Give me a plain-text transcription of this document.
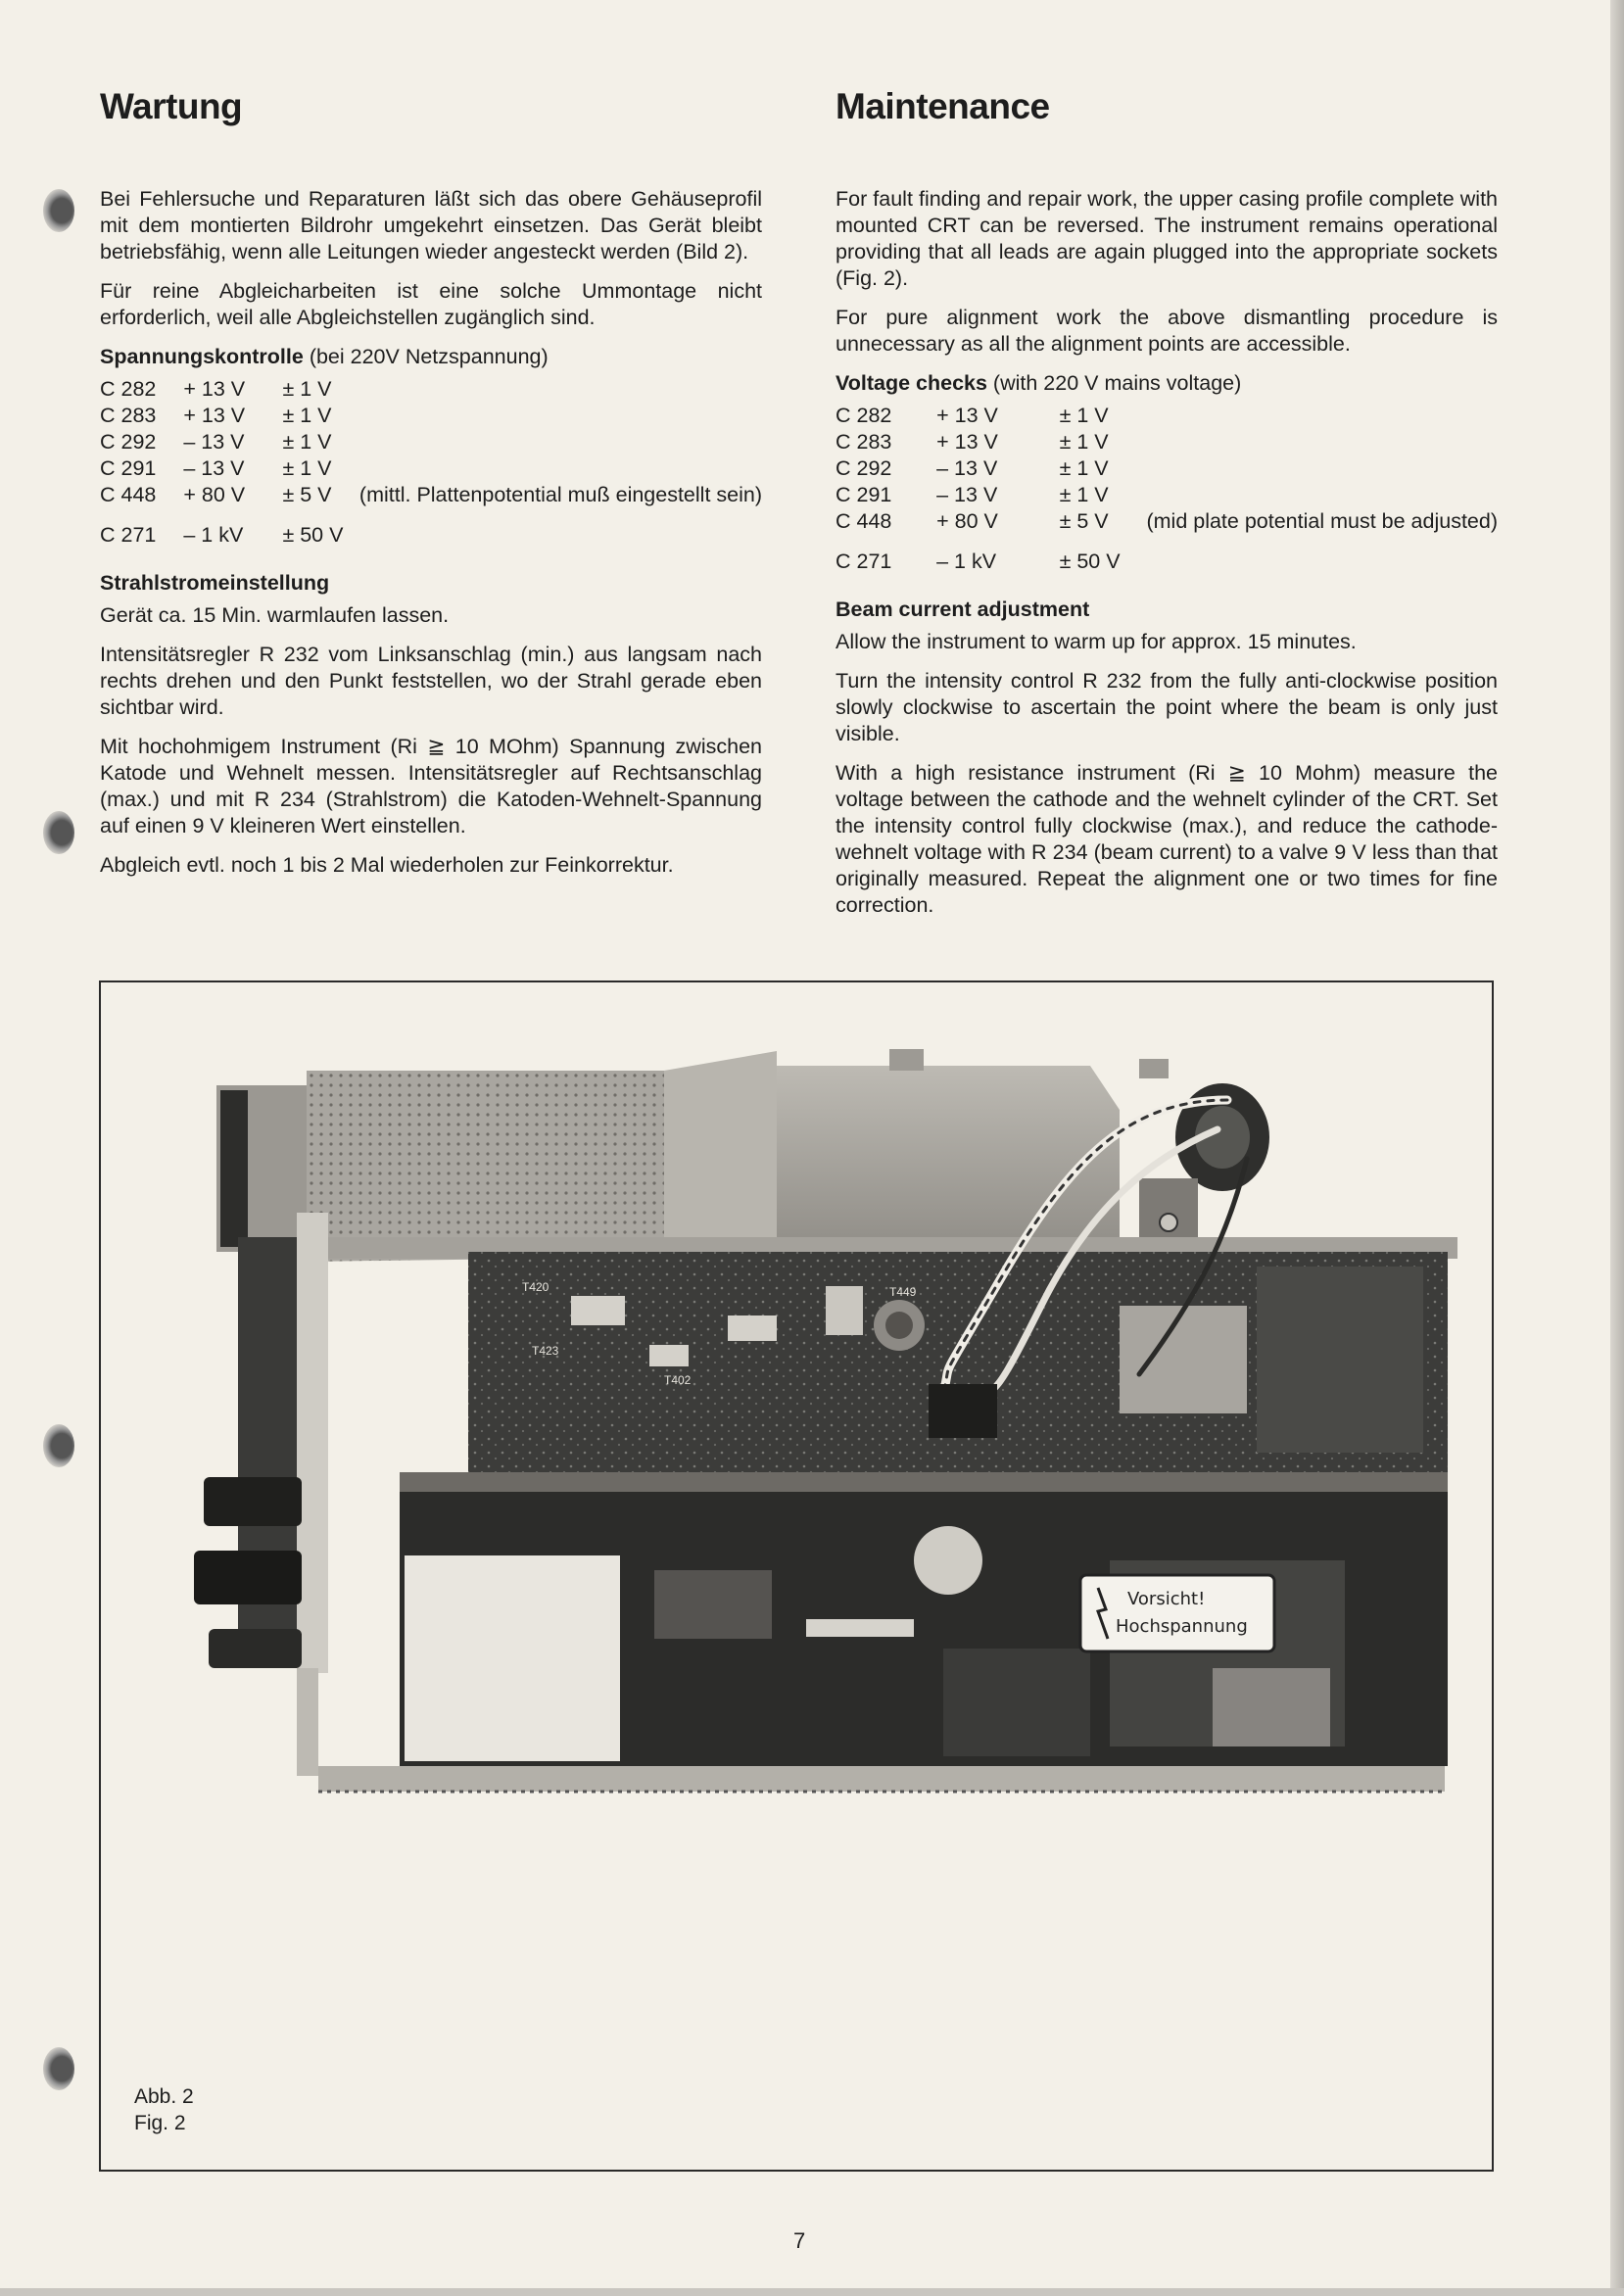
Wartung

Bei Fehlersuche und Reparaturen läßt sich das obere Gehäuseprofil mit dem montierten Bildrohr umgekehrt einsetzen. Das Gerät bleibt betriebsfähig, wenn alle Leitungen wieder angesteckt werden (Bild 2).

Für reine Abgleicharbeiten ist eine solche Ummontage nicht erforderlich, weil alle Abgleichstellen zugänglich sind.

Spannungskontrolle (bei 220V Netzspannung)
C 282	+ 13 V	± 1 V	
C 283	+ 13 V	± 1 V	
C 292	– 13 V	± 1 V	
C 291	– 13 V	± 1 V	
C 448	+ 80 V	± 5 V	(mittl. Plattenpotential muß eingestellt sein)
C 271	– 1 kV	± 50 V	
Strahlstromeinstellung

Gerät ca. 15 Min. warmlaufen lassen.

Intensitätsregler R 232 vom Linksanschlag (min.) aus langsam nach rechts drehen und den Punkt feststellen, wo der Strahl gerade eben sichtbar wird.

Mit hochohmigem Instrument (Ri ≧ 10 MOhm) Spannung zwischen Katode und Wehnelt messen. Intensitätsregler auf Rechtsanschlag (max.) und mit R 234 (Strahlstrom) die Katoden-Wehnelt-Spannung auf einen 9 V kleineren Wert einstellen.

Abgleich evtl. noch 1 bis 2 Mal wiederholen zur Feinkorrektur.

Maintenance

For fault finding and repair work, the upper casing profile complete with mounted CRT can be reversed. The instrument remains operational providing that all leads are again plugged into the appropriate sockets (Fig. 2).

For pure alignment work the above dismantling procedure is unnecessary as all the alignment points are accessible.

Voltage checks (with 220 V mains voltage)
C 282	+ 13 V	± 1 V	
C 283	+ 13 V	± 1 V	
C 292	– 13 V	± 1 V	
C 291	– 13 V	± 1 V	
C 448	+ 80 V	± 5 V	(mid plate potential must be adjusted)
C 271	– 1 kV	± 50 V	
Beam current adjustment

Allow the instrument to warm up for approx. 15 minutes.

Turn the intensity control R 232 from the fully anti-clockwise position slowly clockwise to ascertain the point where the beam is only just visible.

With a high resistance instrument (Ri ≧ 10 Mohm) measure the voltage between the cathode and the wehnelt cylinder of the CRT. Set the intensity control fully clockwise (max.), and reduce the cathode-wehnelt voltage with R 234 (beam current) to a valve 9 V less than that originally measured. Repeat the alignment one or two times for fine correction.

T420
T423
T402
T449
Vorsicht!
Hochspannung
Abb. 2
Fig. 2
7
